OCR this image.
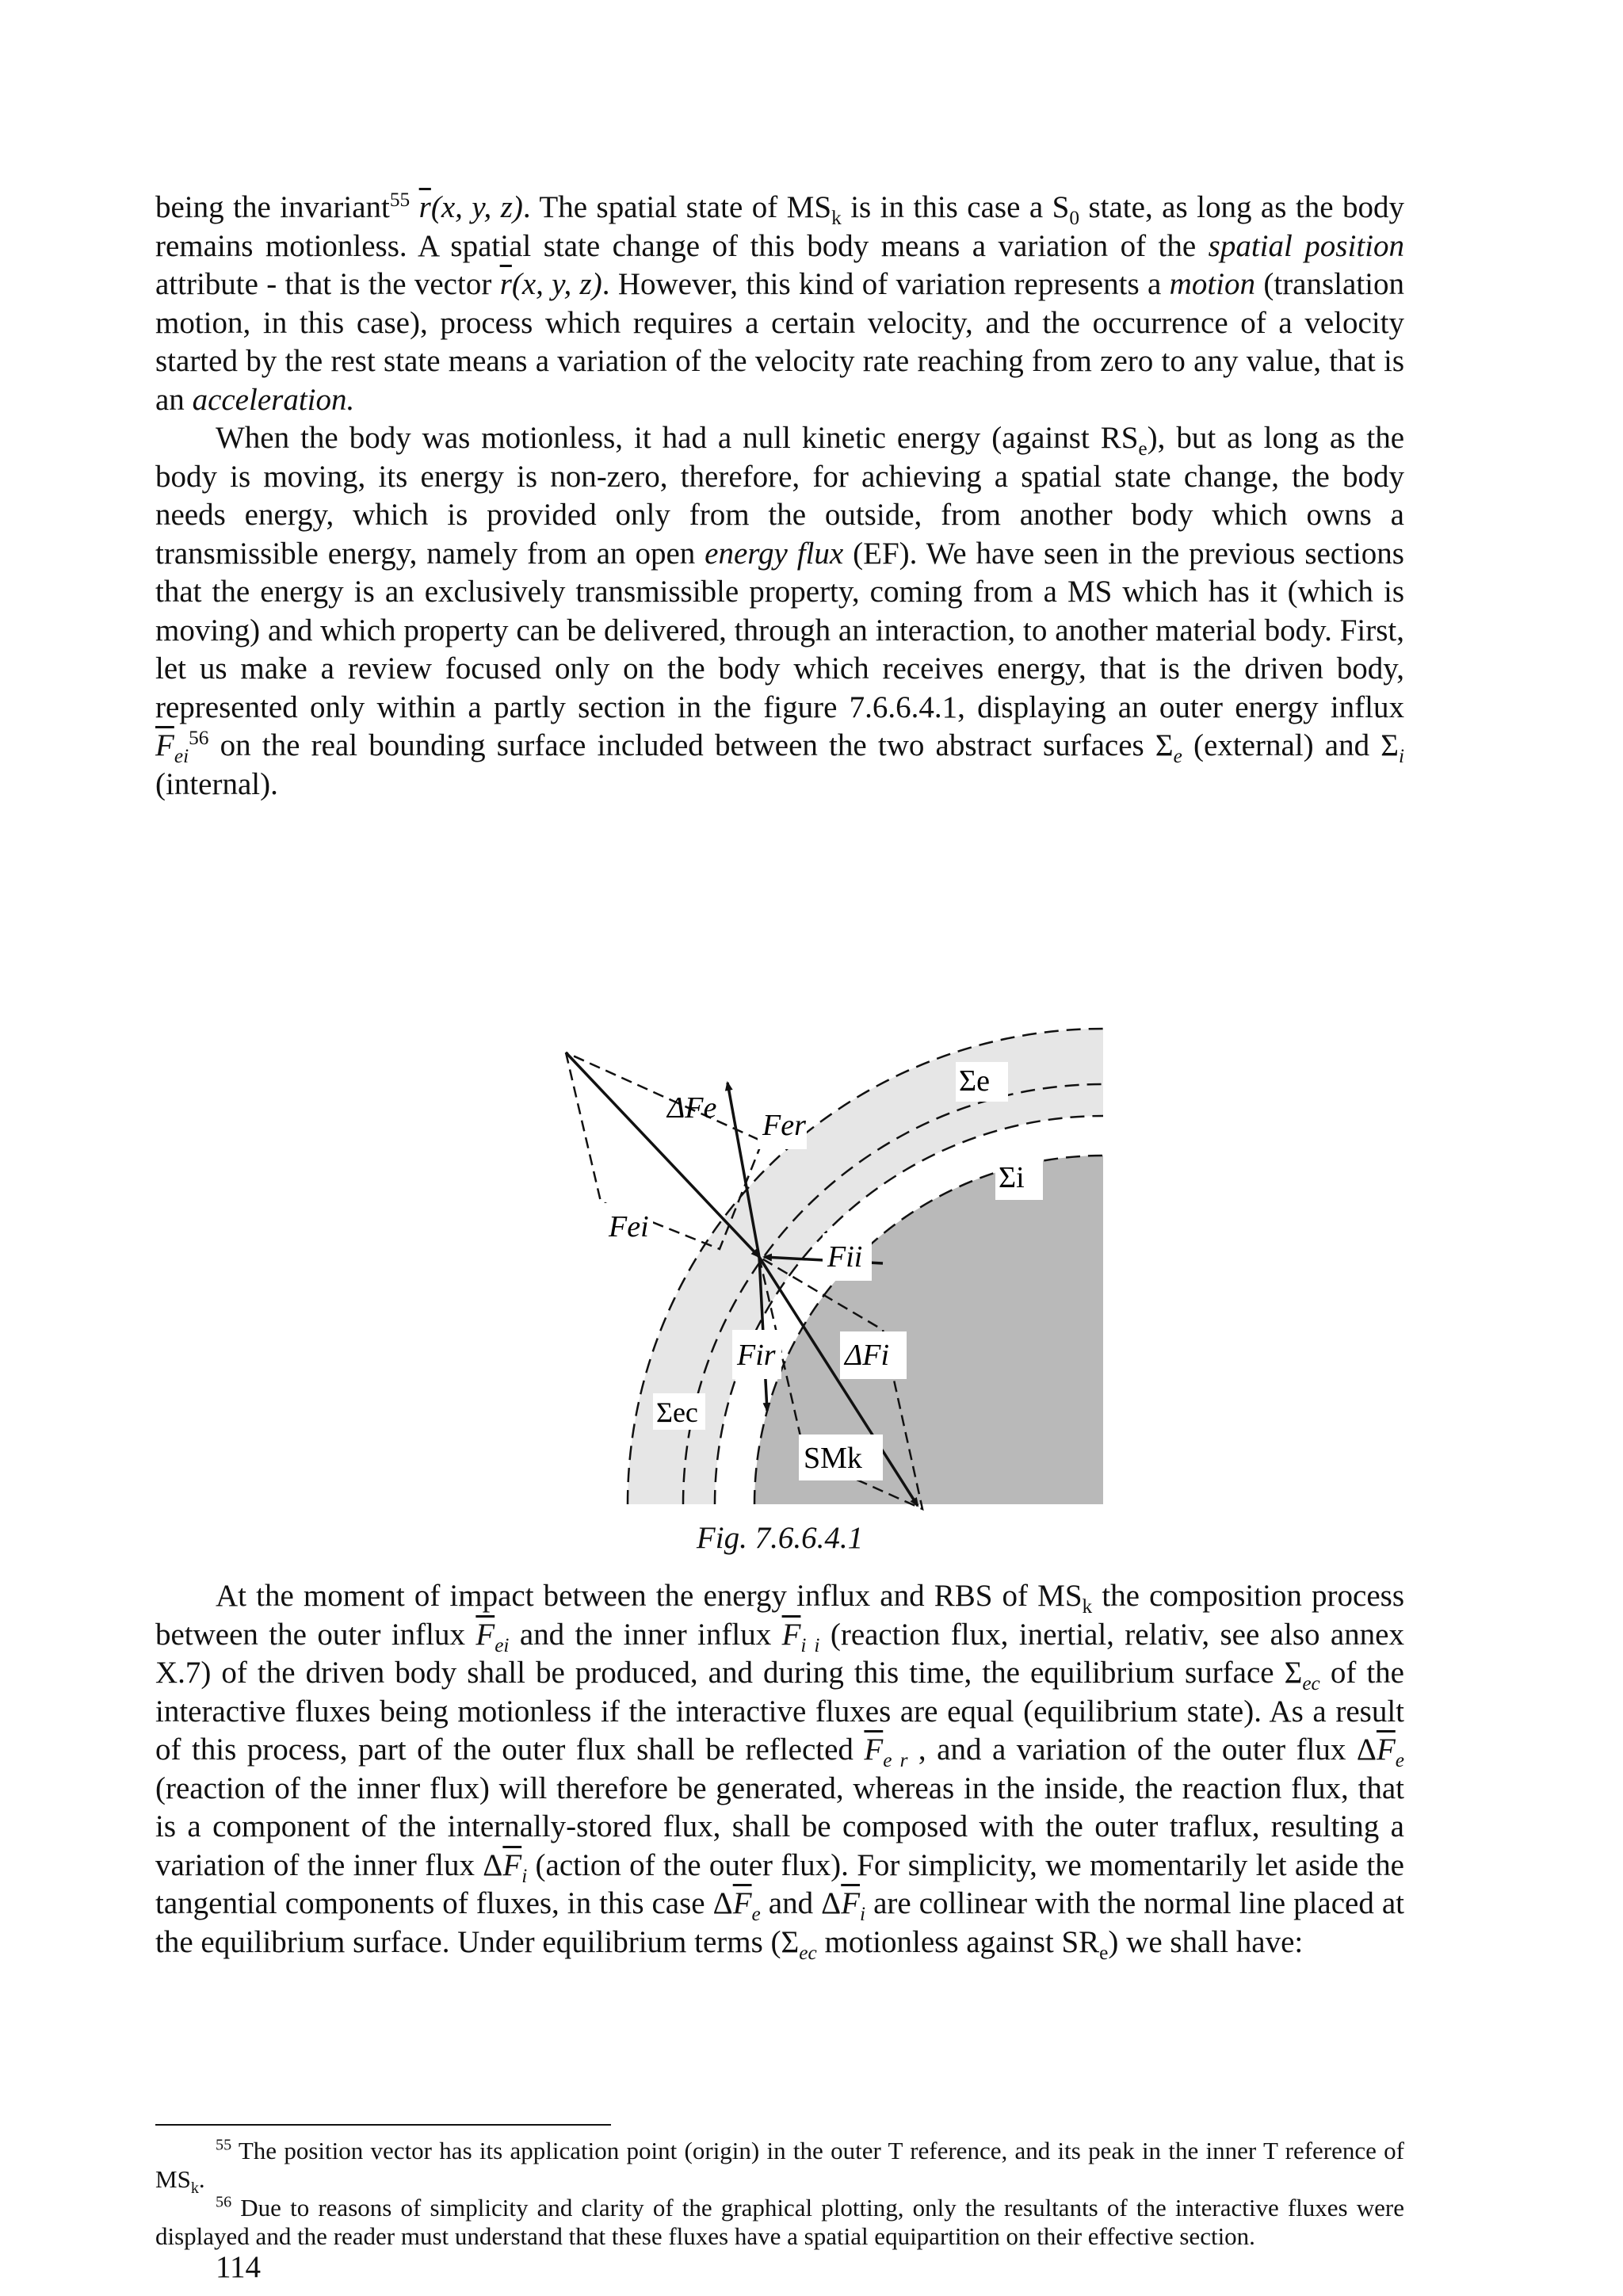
being the invariant$^{55}$ $\overline{r}(x$, y, z). The spatial state of $MS_k$ is in this case a $S_0$ state, as long as the body remains motionless. A spatial state change of this body means a variation of the spatial position attribute - that is the vector $\overline{r}(x$, y, z). However, this kind of variation represents a motion (translation motion, in this case), process which requires a certain velocity, and the occurrence of a velocity started by the rest state means a variation of the velocity rate reaching from zero to any value, that is an acceleration.

When the body was motionless, it had a null kinetic energy (against $RS_e$), but as long as the body is moving, its energy is non-zero, therefore, for achieving a spatial state change, the body needs energy, which is provided only from the outside, from another body which owns a transmissible energy, namely from an open energy flux (EF). We have seen in the previous sections that the energy is an exclusively transmissible property, coming from a MS which has it (which is moving) and which property can be delivered, through an interaction, to another material body. First, let us make a review focused only on the body which receives energy, that is the driven body, represented only within a partly section in the figure 7.6.6.4.1, displaying an outer energy influx $\overline{F}_{ei}^{56}$ on the real bounding surface included between the two abstract surfaces $\Sigma_e$ (external) and $\Sigma_i$ (internal).

Σe
ΔFe
Fer
Σi
Fei
Fii
Fir ΔFi
Σec
SMk
Fig. 7.6.6.4.1

At the moment of impact between the energy influx and RBS of $MS_k$ the composition process between the outer influx $\overline{F}_{ei}$ and the inner influx $\overline{F}_{i i}$ (reaction flux, inertial, relativ, see also annex X.7) of the driven body shall be produced, and during this time, the equilibrium surface $\Sigma_{ec}$ of the interactive fluxes being motionless if the interactive fluxes are equal (equilibrium state). As a result of this process, part of the outer flux shall be reflected $\overline{F}_{e r}$ , and a variation of the outer flux $\Delta\overline{F}_e$ (reaction of the inner flux) will therefore be generated, whereas in the inside, the reaction flux, that is a component of the internally-stored flux, shall be composed with the outer traflux, resulting a variation of the inner flux $\Delta\overline{F}_i$ (action of the outer flux). For simplicity, we momentarily let aside the tangential components of fluxes, in this case $\Delta\overline{F}_e$ and $\Delta\overline{F}_i$ are collinear with the normal line placed at the equilibrium surface. Under equilibrium terms ($\Sigma_{ec}$ motionless against $SR_e$) we shall have:

$^{55}$ The position vector has its application point (origin) in the outer T reference, and its peak in the inner T reference of $MS_k$.

$^{56}$ Due to reasons of simplicity and clarity of the graphical plotting, only the resultants of the interactive fluxes were displayed and the reader must understand that these fluxes have a spatial equipartition on their effective section.

114
